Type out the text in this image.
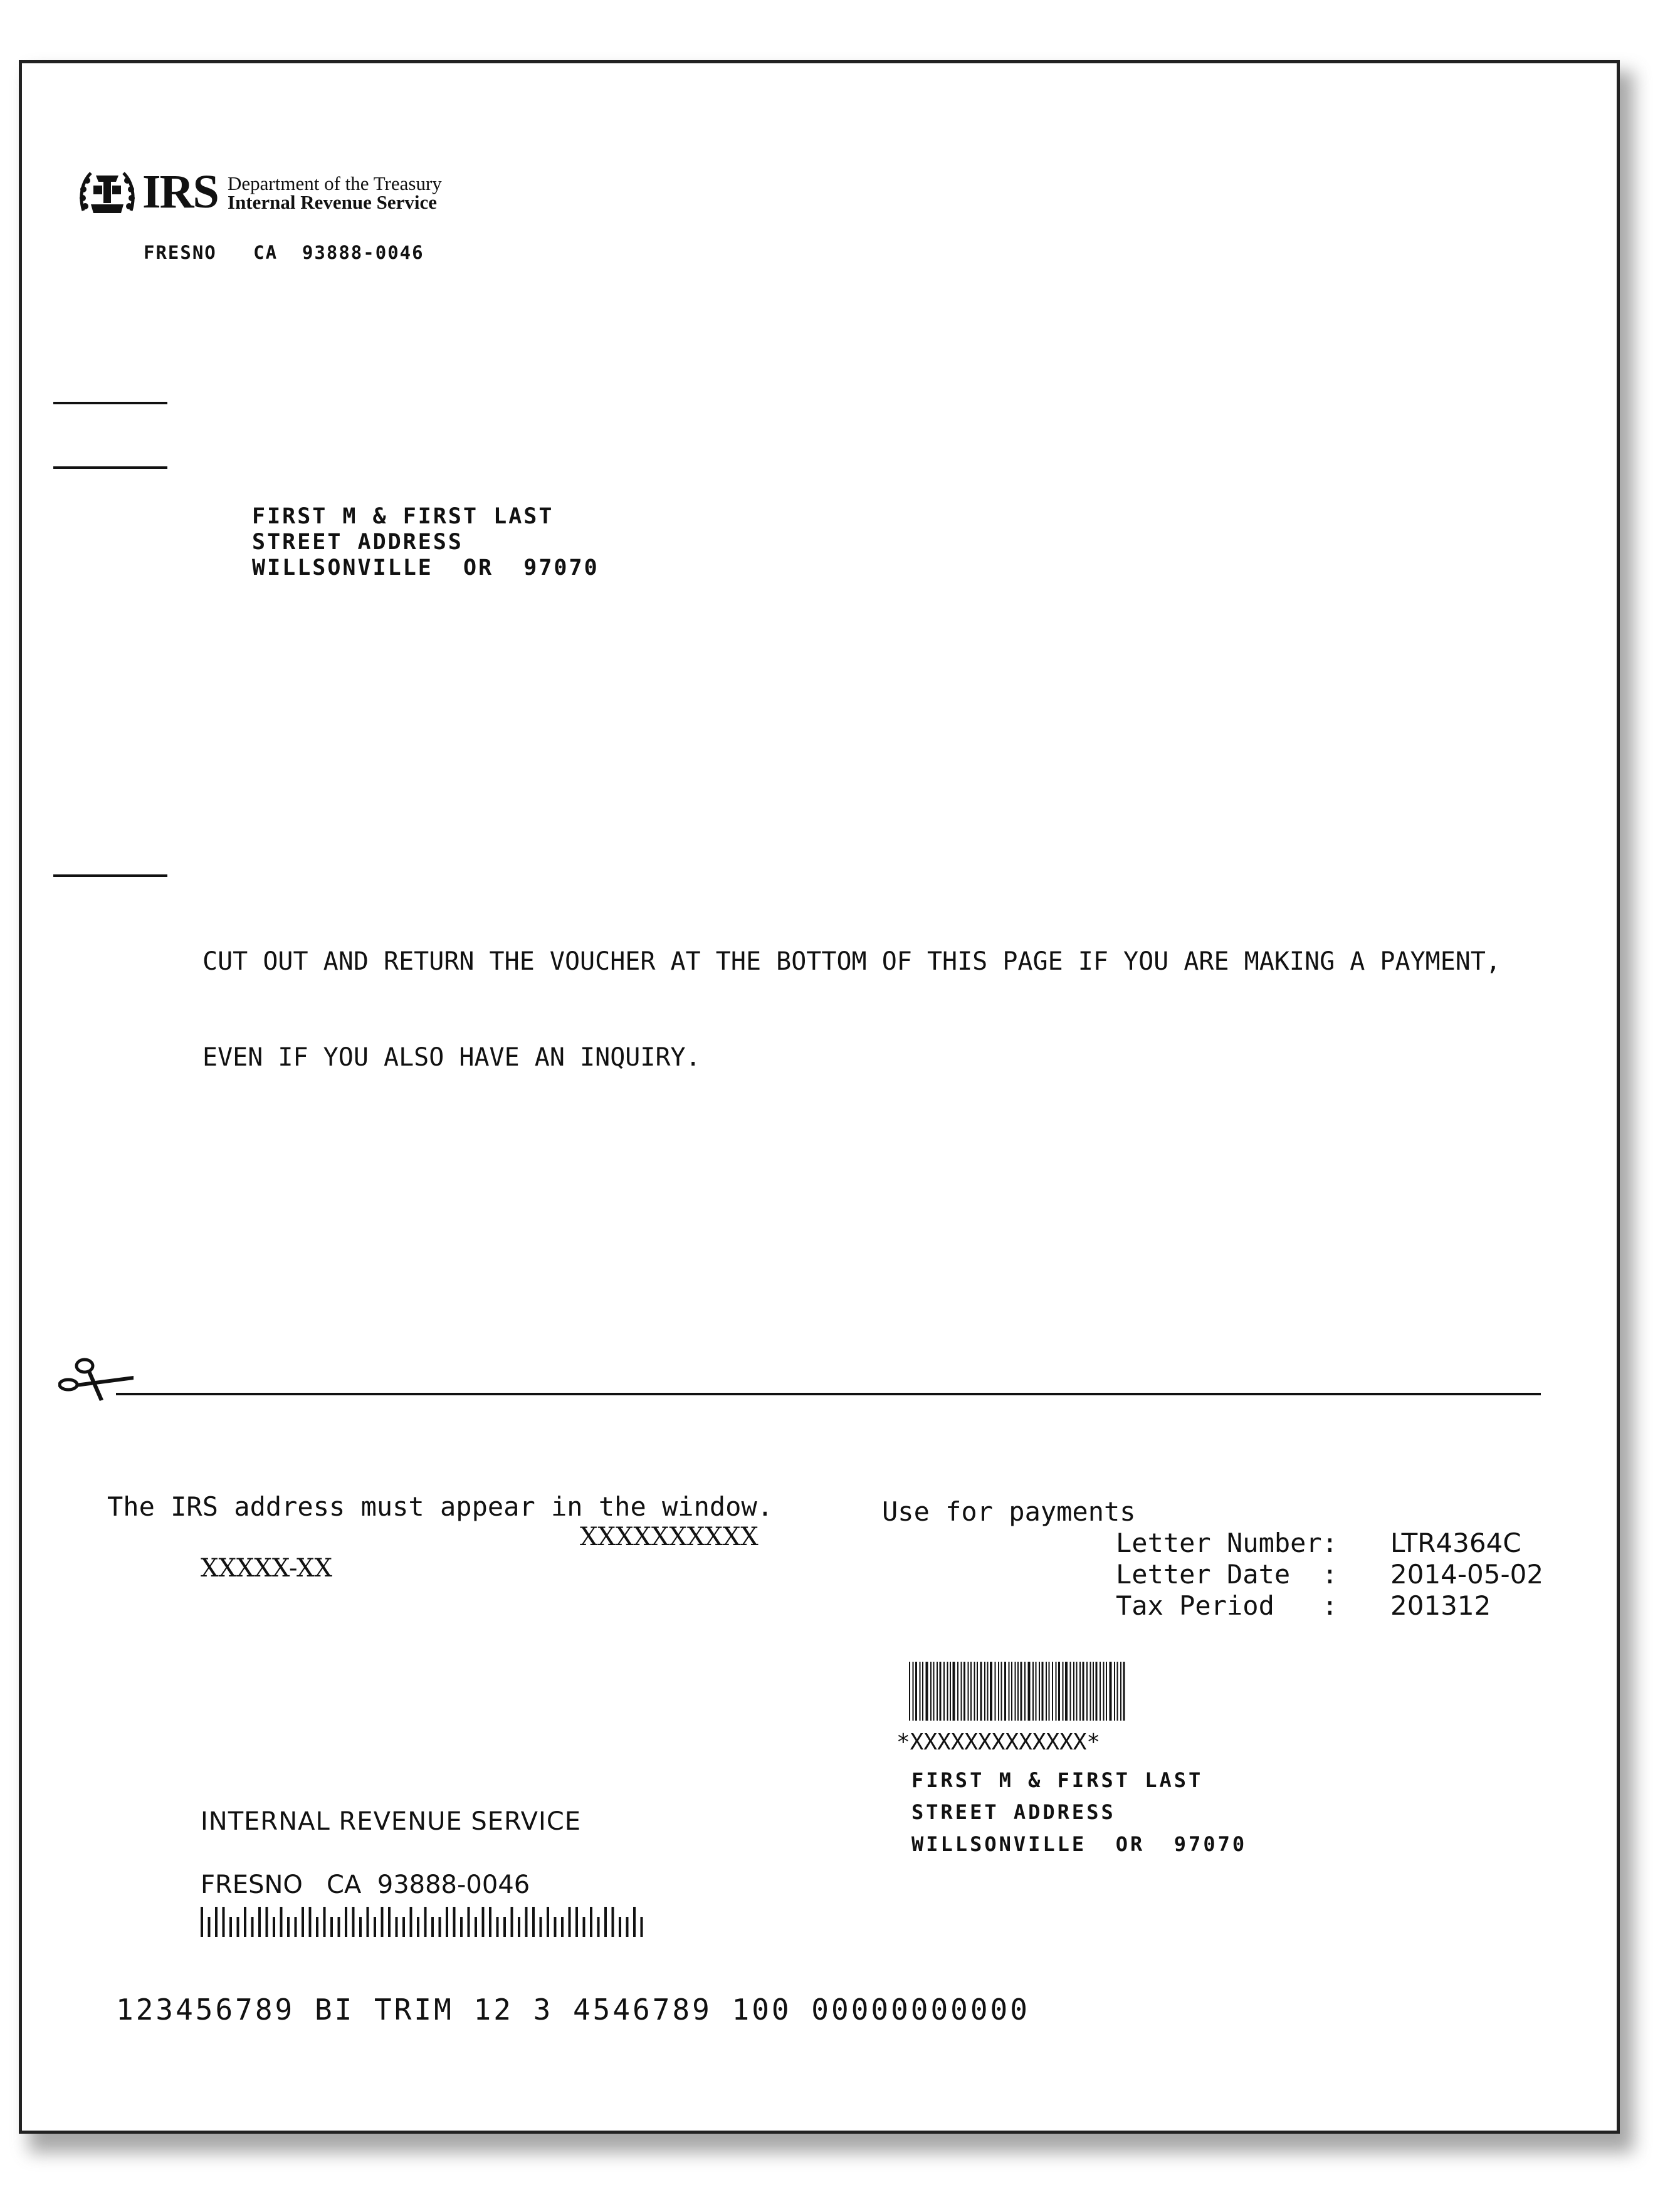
IRS Department of the Treasury
Internal Revenue Service
FRESNO   CA  93888-0046
FIRST M & FIRST LAST
STREET ADDRESS
WILLSONVILLE  OR  97070

CUT OUT AND RETURN THE VOUCHER AT THE BOTTOM OF THIS PAGE IF YOU ARE MAKING A PAYMENT,

EVEN IF YOU ALSO HAVE AN INQUIRY.

The IRS address must appear in the window.
XXXXXXXXXX
XXXXX-XX
INTERNAL REVENUE SERVICE
FRESNO   CA  93888-0046
Use for payments
Letter Number:
Letter Date  :
Tax Period   :
LTR4364C
2014-05-02
201312
*XXXXXXXXXXXXX*
FIRST M & FIRST LAST
STREET ADDRESS
WILLSONVILLE  OR  97070
123456789 BI TRIM 12 3 4546789 100 00000000000
